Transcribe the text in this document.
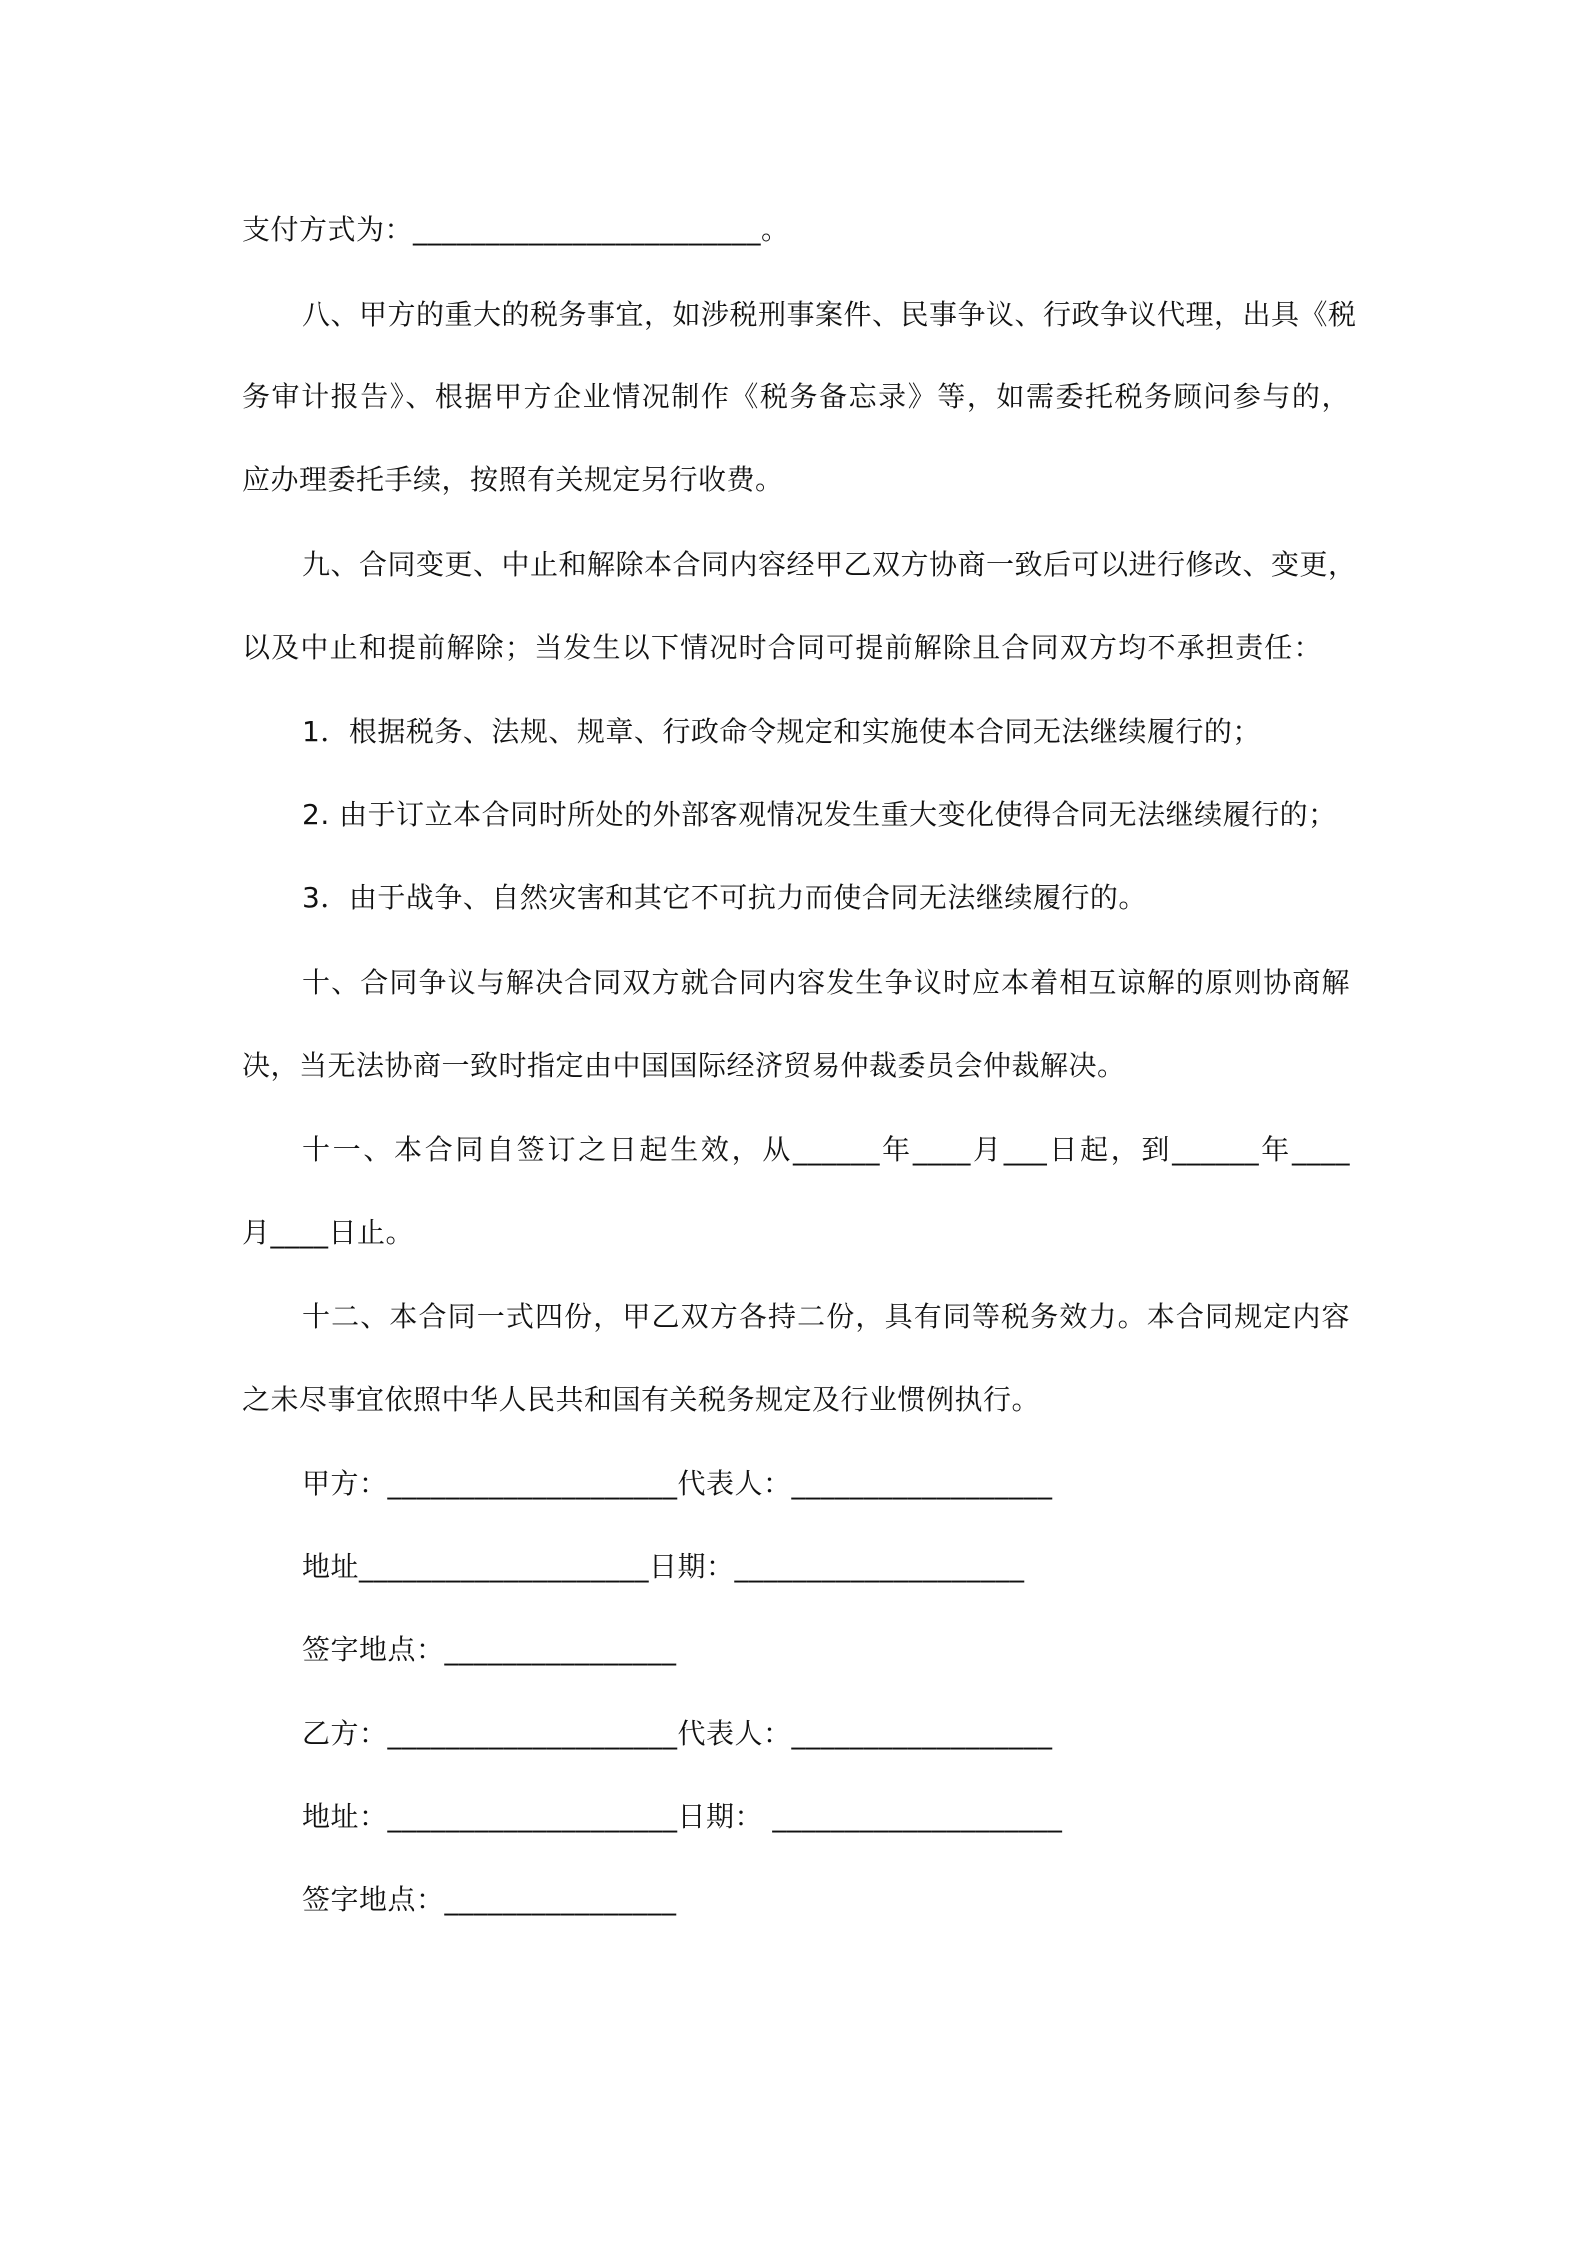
支付方式为：________________________。
八、甲方的重大的税务事宜，如涉税刑事案件、民事争议、行政争议代理，出具《税
务审计报告》、根据甲方企业情况制作《税务备忘录》等，如需委托税务顾问参与的，
应办理委托手续，按照有关规定另行收费。
九、合同变更、中止和解除本合同内容经甲乙双方协商一致后可以进行修改、变更，
以及中止和提前解除；当发生以下情况时合同可提前解除且合同双方均不承担责任：
1．根据税务、法规、规章、行政命令规定和实施使本合同无法继续履行的；
2. 由于订立本合同时所处的外部客观情况发生重大变化使得合同无法继续履行的；
3．由于战争、自然灾害和其它不可抗力而使合同无法继续履行的。
十、合同争议与解决合同双方就合同内容发生争议时应本着相互谅解的原则协商解
决，当无法协商一致时指定由中国国际经济贸易仲裁委员会仲裁解决。
十一、本合同自签订之日起生效，从______年____月___日起，到______年____
月____日止。
十二、本合同一式四份，甲乙双方各持二份，具有同等税务效力。本合同规定内容
之未尽事宜依照中华人民共和国有关税务规定及行业惯例执行。
甲方：____________________代表人：__________________
地址____________________日期：____________________
签字地点：________________
乙方：____________________代表人：__________________
地址：____________________日期： ____________________
签字地点：________________
